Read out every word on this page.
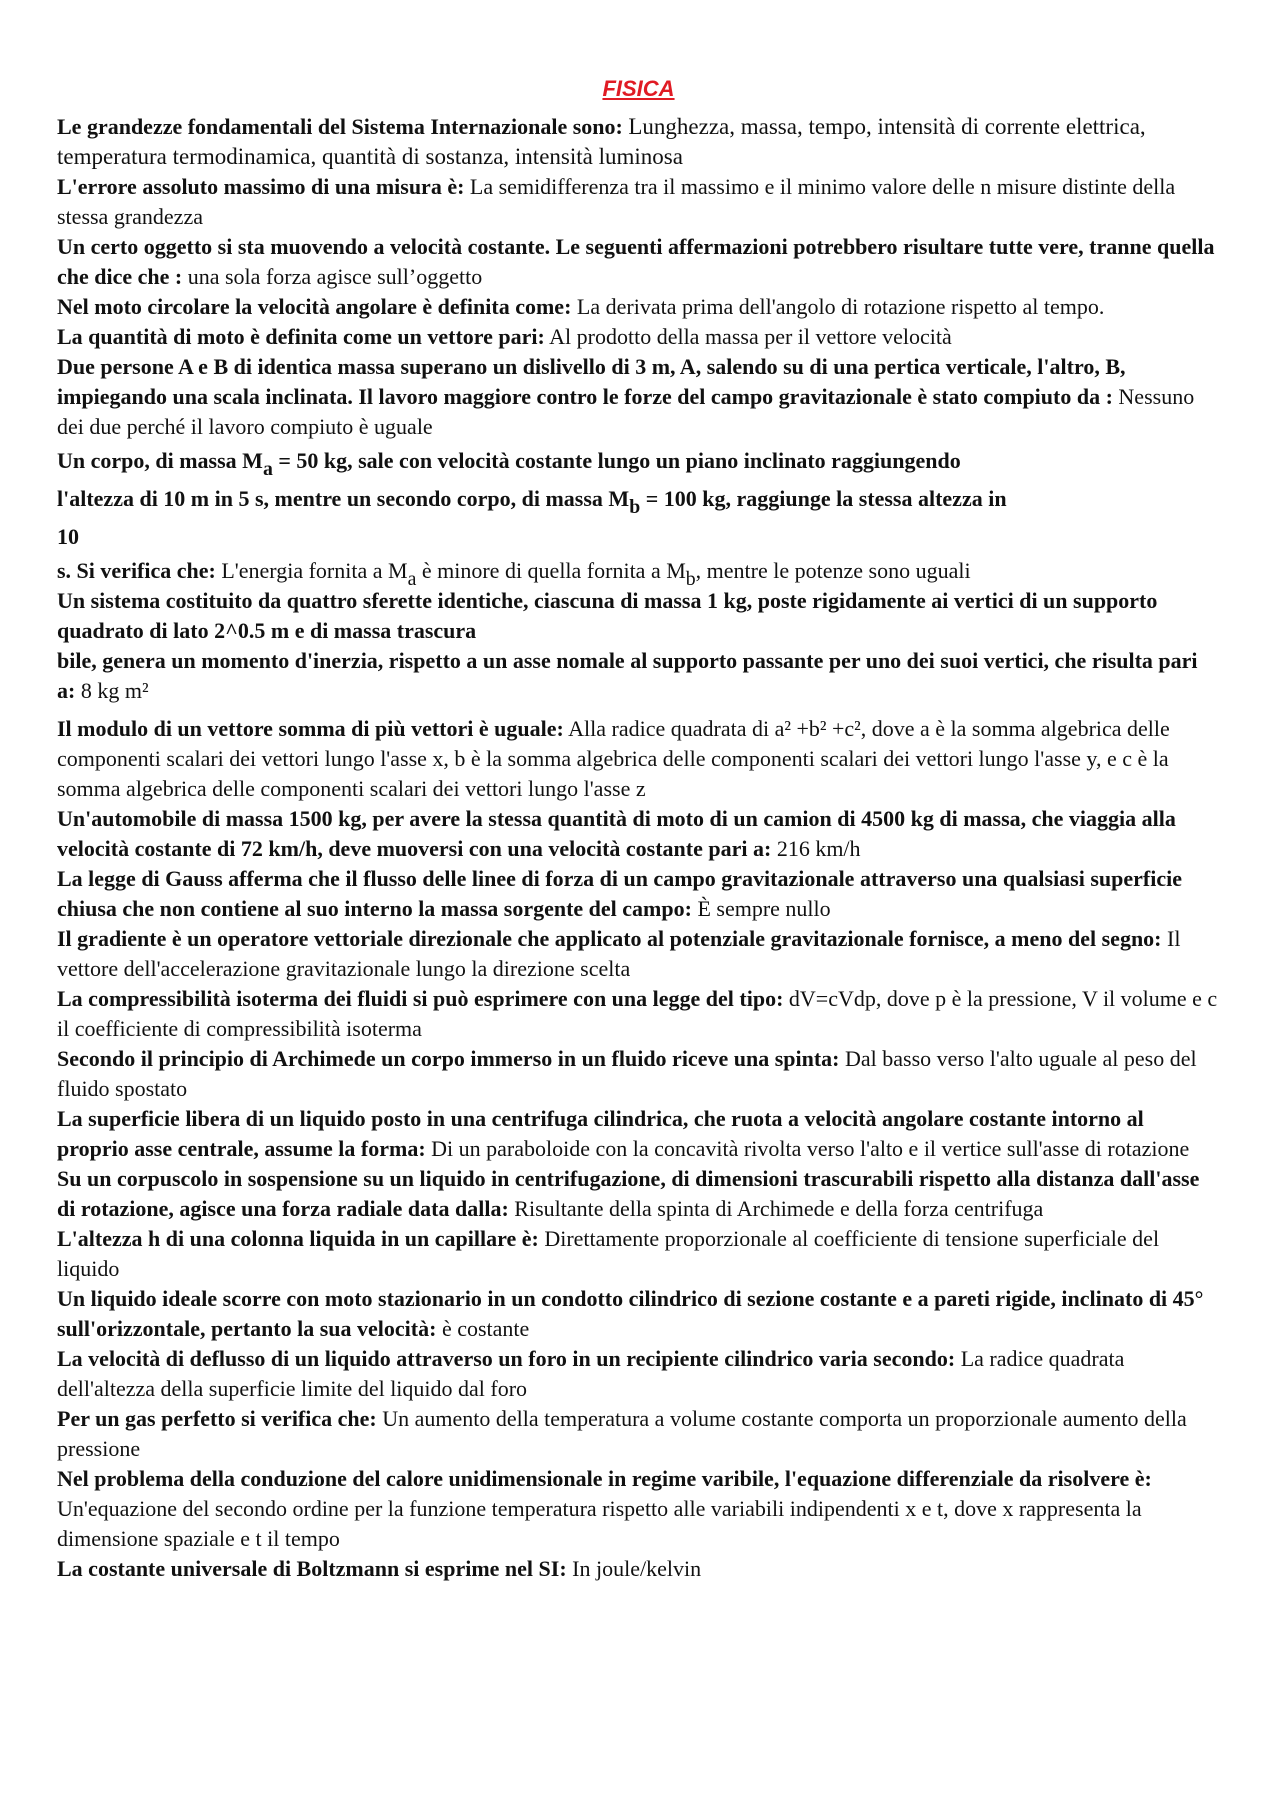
FISICA

Le grandezze fondamentali del Sistema Internazionale sono: Lunghezza, massa, tempo, intensità di corrente elettrica, temperatura termodinamica, quantità di sostanza, intensità luminosa

L'errore assoluto massimo di una misura è: La semidifferenza tra il massimo e il minimo valore delle n misure distinte della stessa grandezza

Un certo oggetto si sta muovendo a velocità costante. Le seguenti affermazioni potrebbero risultare tutte vere, tranne quella che dice che : una sola forza agisce sull’oggetto

Nel moto circolare la velocità angolare è definita come: La derivata prima dell'angolo di rotazione rispetto al tempo.

La quantità di moto è definita come un vettore pari: Al prodotto della massa per il vettore velocità

Due persone A e B di identica massa superano un dislivello di 3 m, A, salendo su di una pertica verticale, l'altro, B, impiegando una scala inclinata. Il lavoro maggiore contro le forze del campo gravitazionale è stato compiuto da : Nessuno dei due perché il lavoro compiuto è uguale

Un corpo, di massa $M_a = 50$ kg, sale con velocità costante lungo un piano inclinato raggiungendo
l'altezza di 10 m in 5 s, mentre un secondo corpo, di massa $M_b = 100$ kg, raggiunge la stessa altezza in
10
s. Si verifica che: L'energia fornita a $M_a$ è minore di quella fornita a $M_b$, mentre le potenze sono uguali

Un sistema costituito da quattro sferette identiche, ciascuna di massa 1 kg, poste rigidamente ai vertici di un supporto quadrato di lato 2^0.5 m e di massa trascura
bile, genera un momento d'inerzia, rispetto a un asse nomale al supporto passante per uno dei suoi vertici, che risulta pari a: 8 kg m²

Il modulo di un vettore somma di più vettori è uguale: Alla radice quadrata di a² +b² +c², dove a è la somma algebrica delle componenti scalari dei vettori lungo l'asse x, b è la somma algebrica delle componenti scalari dei vettori lungo l'asse y, e c è la somma algebrica delle componenti scalari dei vettori lungo l'asse z

Un'automobile di massa 1500 kg, per avere la stessa quantità di moto di un camion di 4500 kg di massa, che viaggia alla velocità costante di 72 km/h, deve muoversi con una velocità costante pari a: 216 km/h

La legge di Gauss afferma che il flusso delle linee di forza di un campo gravitazionale attraverso una qualsiasi superficie chiusa che non contiene al suo interno la massa sorgente del campo: È sempre nullo

Il gradiente è un operatore vettoriale direzionale che applicato al potenziale gravitazionale fornisce, a meno del segno: Il vettore dell'accelerazione gravitazionale lungo la direzione scelta

La compressibilità isoterma dei fluidi si può esprimere con una legge del tipo: dV=cVdp, dove p è la pressione, V il volume e c il coefficiente di compressibilità isoterma

Secondo il principio di Archimede un corpo immerso in un fluido riceve una spinta: Dal basso verso l'alto uguale al peso del fluido spostato

La superficie libera di un liquido posto in una centrifuga cilindrica, che ruota a velocità angolare costante intorno al proprio asse centrale, assume la forma: Di un paraboloide con la concavità rivolta verso l'alto e il vertice sull'asse di rotazione

Su un corpuscolo in sospensione su un liquido in centrifugazione, di dimensioni trascurabili rispetto alla distanza dall'asse di rotazione, agisce una forza radiale data dalla: Risultante della spinta di Archimede e della forza centrifuga

L'altezza h di una colonna liquida in un capillare è: Direttamente proporzionale al coefficiente di tensione superficiale del liquido

Un liquido ideale scorre con moto stazionario in un condotto cilindrico di sezione costante e a pareti rigide, inclinato di 45° sull'orizzontale, pertanto la sua velocità: è costante

La velocità di deflusso di un liquido attraverso un foro in un recipiente cilindrico varia secondo: La radice quadrata dell'altezza della superficie limite del liquido dal foro

Per un gas perfetto si verifica che: Un aumento della temperatura a volume costante comporta un proporzionale aumento della pressione

Nel problema della conduzione del calore unidimensionale in regime varibile, l'equazione differenziale da risolvere è: Un'equazione del secondo ordine per la funzione temperatura rispetto alle variabili indipendenti x e t, dove x rappresenta la dimensione spaziale e t il tempo

La costante universale di Boltzmann si esprime nel SI: In joule/kelvin
